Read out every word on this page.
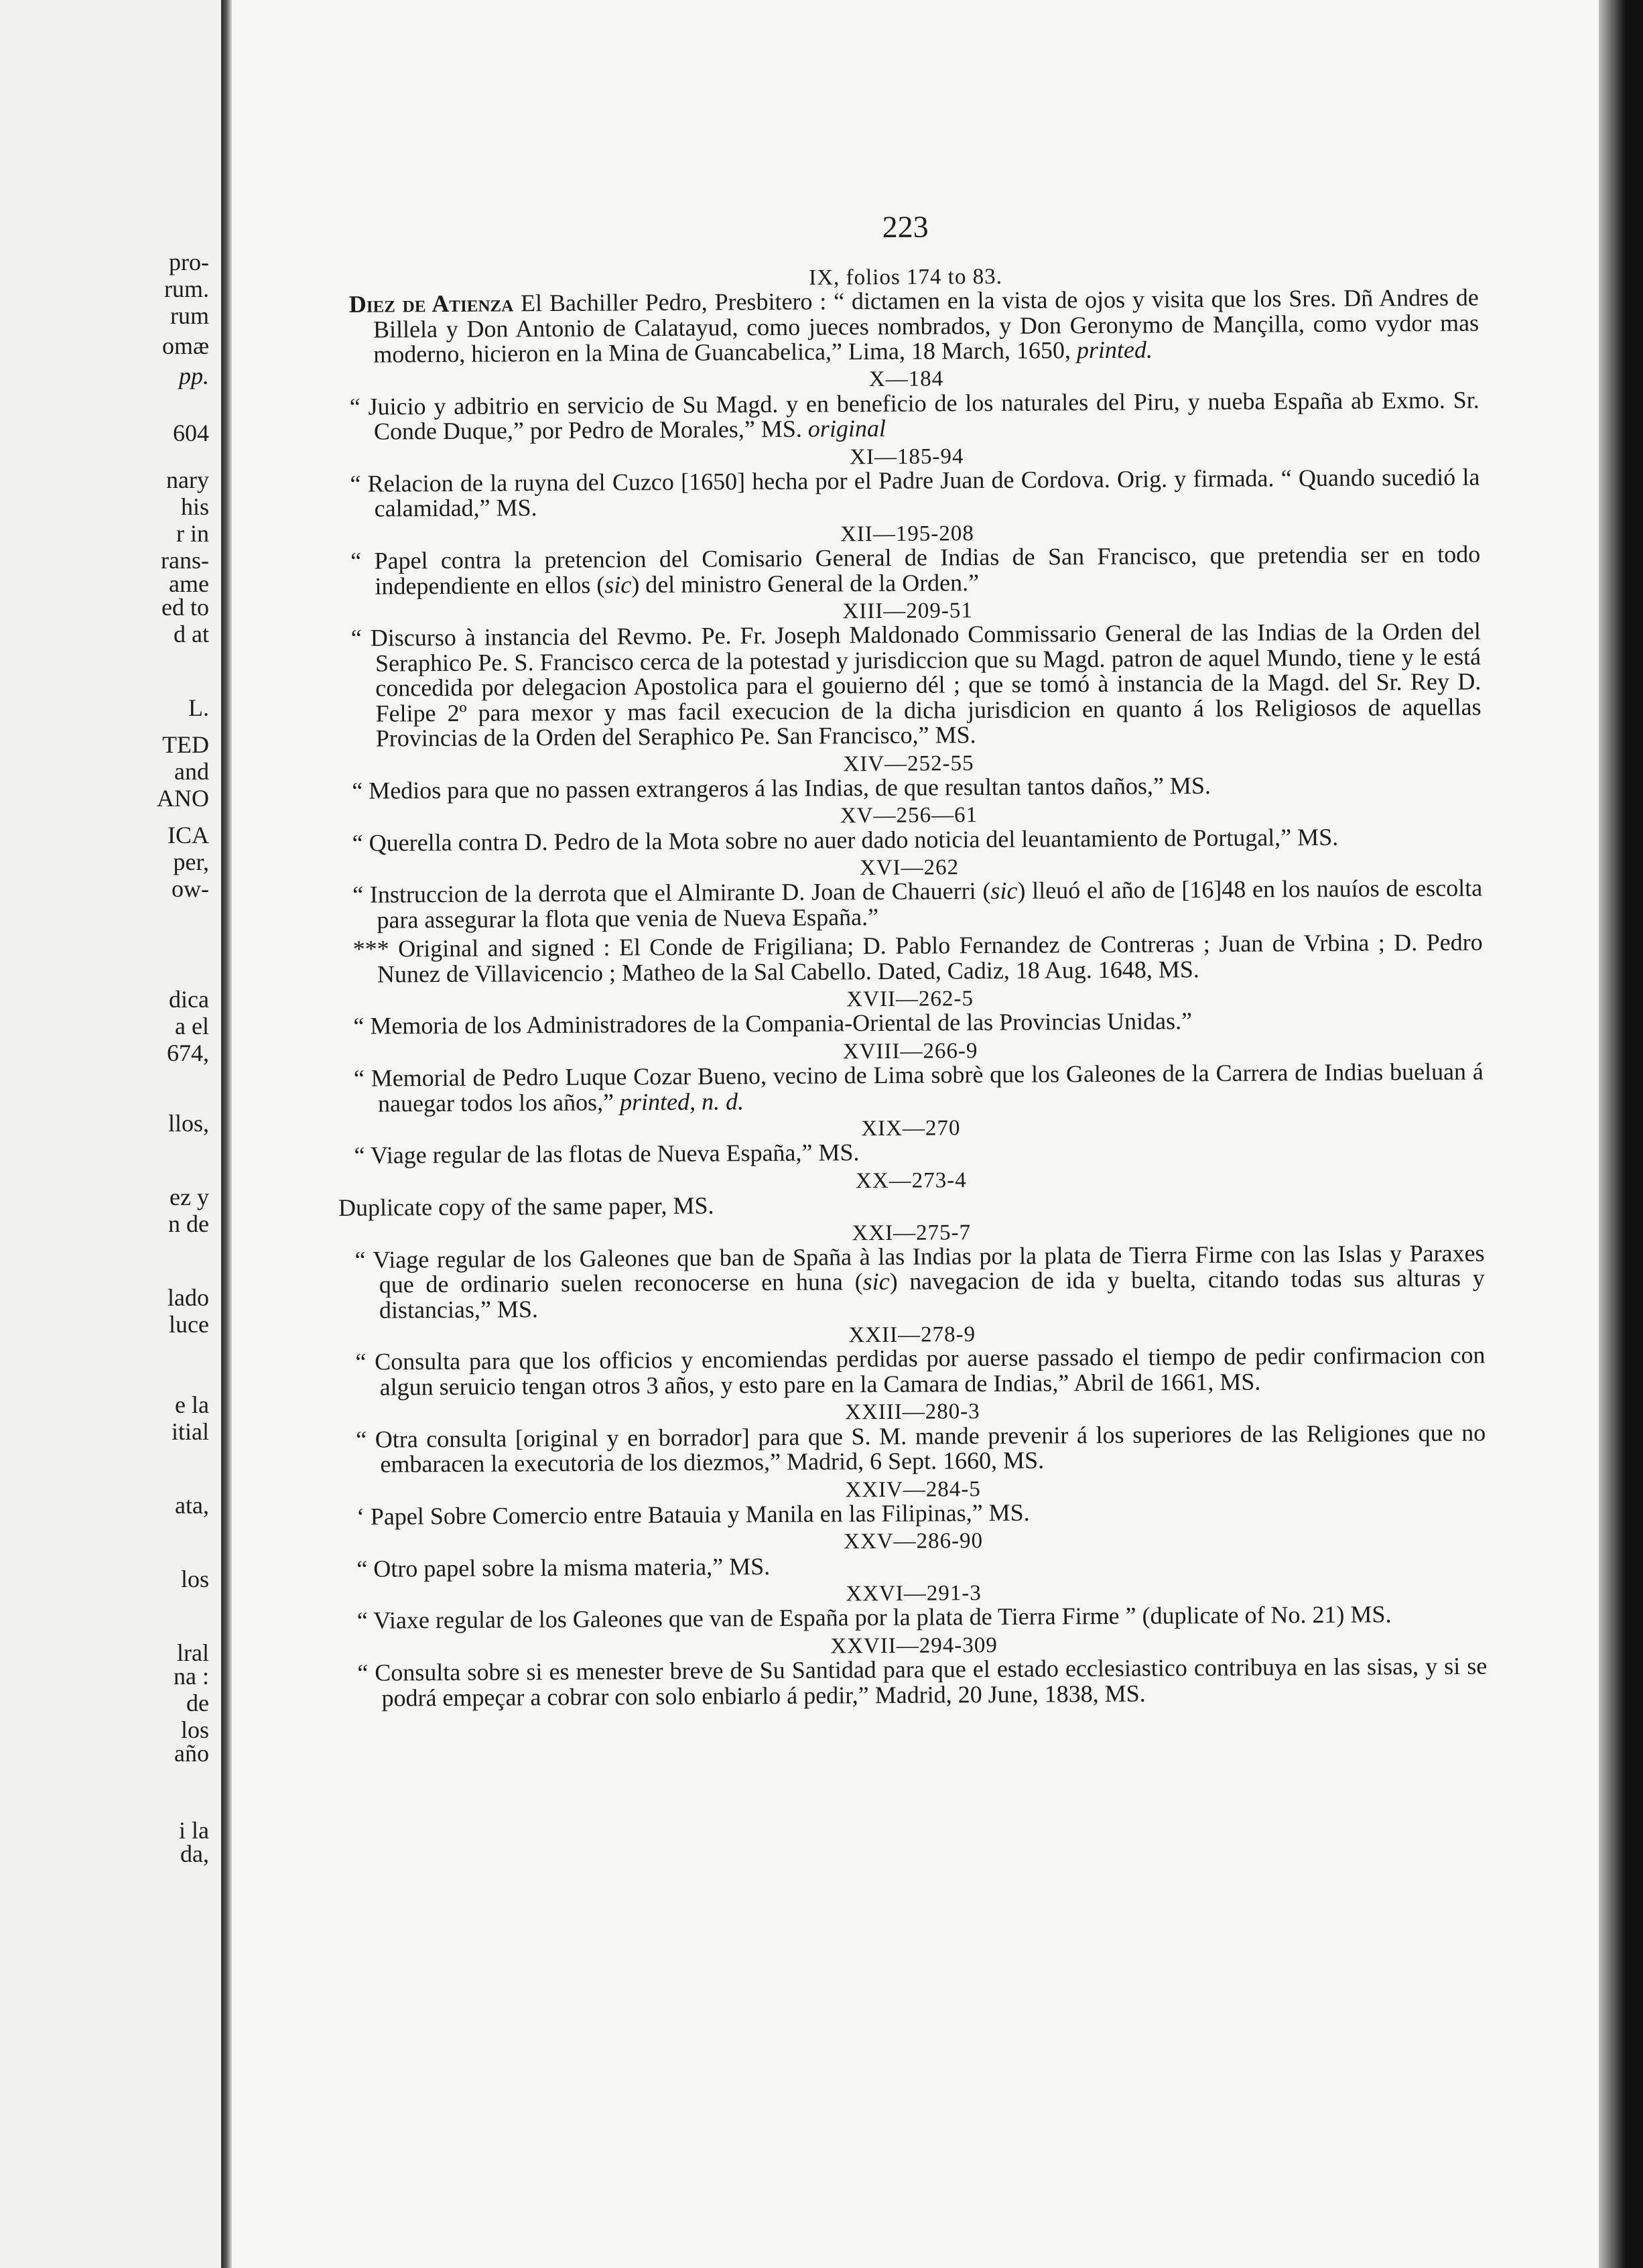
pro-
rum.
rum
omæ
pp.
604
nary
his
r in
rans-
ame
ed to
d at
L.
TED
and
ANO
ICA
per,
ow-
dica
a el
674,
llos,
ez y
n de
lado
luce
e la
itial
ata,
los
lral
na :
de
los
año
i la
da,
223
IX, folios 174 to 83.

Diez de Atienza El Bachiller Pedro, Presbitero : “ dictamen en la vista de ojos y visita que los Sres. Dñ Andres de Billela y Don Antonio de Calatayud, como jueces nombrados, y Don Geronymo de Mançilla, como vydor mas moderno, hicieron en la Mina de Guancabelica,” Lima, 18 March, 1650, printed.

X—184

“ Juicio y adbitrio en servicio de Su Magd. y en beneficio de los naturales del Piru, y nueba España ab Exmo. Sr. Conde Duque,” por Pedro de Morales,” MS. original

XI—185-94

“ Relacion de la ruyna del Cuzco [1650] hecha por el Padre Juan de Cordova. Orig. y firmada. “ Quando sucedió la calamidad,” MS.

XII—195-208

“ Papel contra la pretencion del Comisario General de Indias de San Francisco, que pretendia ser en todo independiente en ellos (sic) del ministro General de la Orden.”

XIII—209-51

“ Discurso à instancia del Revmo. Pe. Fr. Joseph Maldonado Commissario General de las Indias de la Orden del Seraphico Pe. S. Francisco cerca de la potestad y jurisdiccion que su Magd. patron de aquel Mundo, tiene y le está concedida por delegacion Apostolica para el gouierno dél ; que se tomó à instancia de la Magd. del Sr. Rey D. Felipe 2º para mexor y mas facil execucion de la dicha jurisdicion en quanto á los Religiosos de aquellas Provincias de la Orden del Seraphico Pe. San Francisco,” MS.

XIV—252-55

“ Medios para que no passen extrangeros á las Indias, de que resultan tantos daños,” MS.

XV—256—61

“ Querella contra D. Pedro de la Mota sobre no auer dado noticia del leuantamiento de Portugal,” MS.

XVI—262

“ Instruccion de la derrota que el Almirante D. Joan de Chauerri (sic) lleuó el año de [16]48 en los nauíos de escolta para assegurar la flota que venia de Nueva España.”

*** Original and signed : El Conde de Frigiliana; D. Pablo Fernandez de Contreras ; Juan de Vrbina ; D. Pedro Nunez de Villavicencio ; Matheo de la Sal Cabello. Dated, Cadiz, 18 Aug. 1648, MS.

XVII—262-5

“ Memoria de los Administradores de la Compania-Oriental de las Provincias Unidas.”

XVIII—266-9

“ Memorial de Pedro Luque Cozar Bueno, vecino de Lima sobrè que los Galeones de la Carrera de Indias bueluan á nauegar todos los años,” printed, n. d.

XIX—270

“ Viage regular de las flotas de Nueva España,” MS.

XX—273-4

Duplicate copy of the same paper, MS.

XXI—275-7

“ Viage regular de los Galeones que ban de Spaña à las Indias por la plata de Tierra Firme con las Islas y Paraxes que de ordinario suelen reconocerse en huna (sic) navegacion de ida y buelta, citando todas sus alturas y distancias,” MS.

XXII—278-9

“ Consulta para que los officios y encomiendas perdidas por auerse passado el tiempo de pedir confirmacion con algun seruicio tengan otros 3 años, y esto pare en la Camara de Indias,” Abril de 1661, MS.

XXIII—280-3

“ Otra consulta [original y en borrador] para que S. M. mande prevenir á los superiores de las Religiones que no embaracen la executoria de los diezmos,” Madrid, 6 Sept. 1660, MS.

XXIV—284-5

‘ Papel Sobre Comercio entre Batauia y Manila en las Filipinas,” MS.

XXV—286-90

“ Otro papel sobre la misma materia,” MS.

XXVI—291-3

“ Viaxe regular de los Galeones que van de España por la plata de Tierra Firme ” (duplicate of No. 21) MS.

XXVII—294-309

“ Consulta sobre si es menester breve de Su Santidad para que el estado ecclesiastico contribuya en las sisas, y si se podrá empeçar a cobrar con solo enbiarlo á pedir,” Madrid, 20 June, 1838, MS.
